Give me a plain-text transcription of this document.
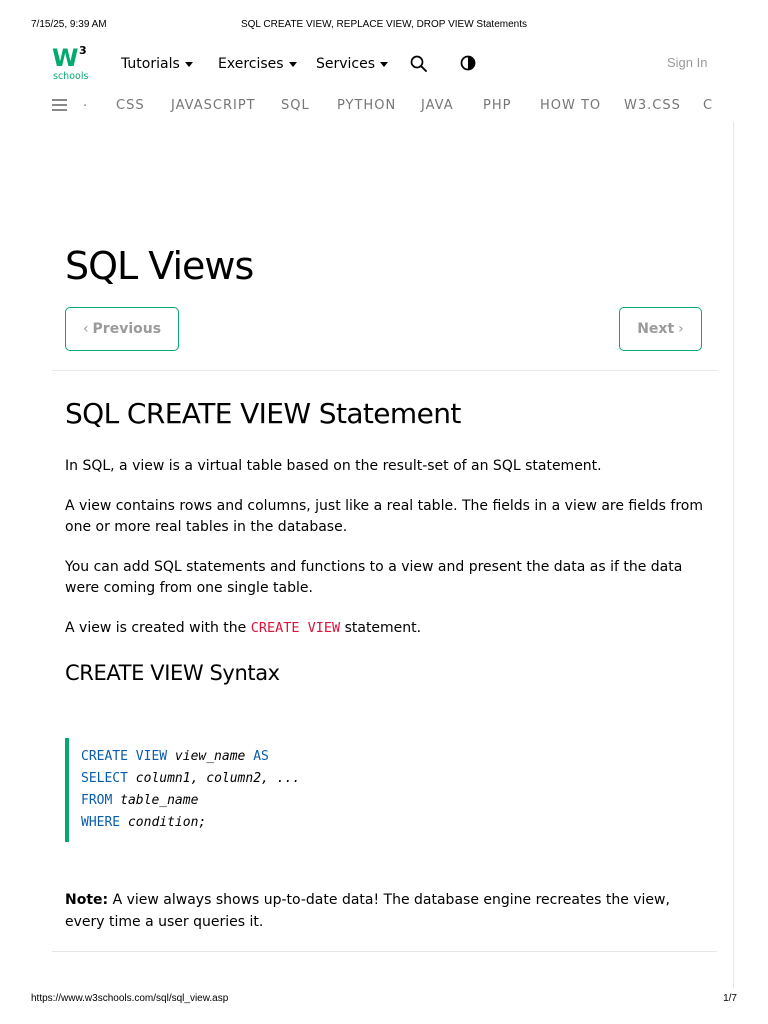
7/15/25, 9:39 AM	SQL CREATE VIEW, REPLACE VIEW, DROP VIEW Statements
W 3
schools
Tutorials	Exercises Services	Sign In
. CSS JAVASCRIPT SQL PYTHON JAVA PHP HOW TO W3.CSS C
SQL Views
‹ Previous	Next ›
SQL CREATE VIEW Statement

In SQL, a view is a virtual table based on the result-set of an SQL statement.

A view contains rows and columns, just like a real table. The fields in a view are fields from one or more real tables in the database.

You can add SQL statements and functions to a view and present the data as if the data were coming from one single table.

A view is created with the CREATE VIEW statement.

CREATE VIEW Syntax
CREATE VIEW view_name AS
SELECT column1, column2, ...
FROM table_name
WHERE condition;

Note: A view always shows up-to-date data! The database engine recreates the view, every time a user queries it.

https://www.w3schools.com/sql/sql_view.asp	1/7
